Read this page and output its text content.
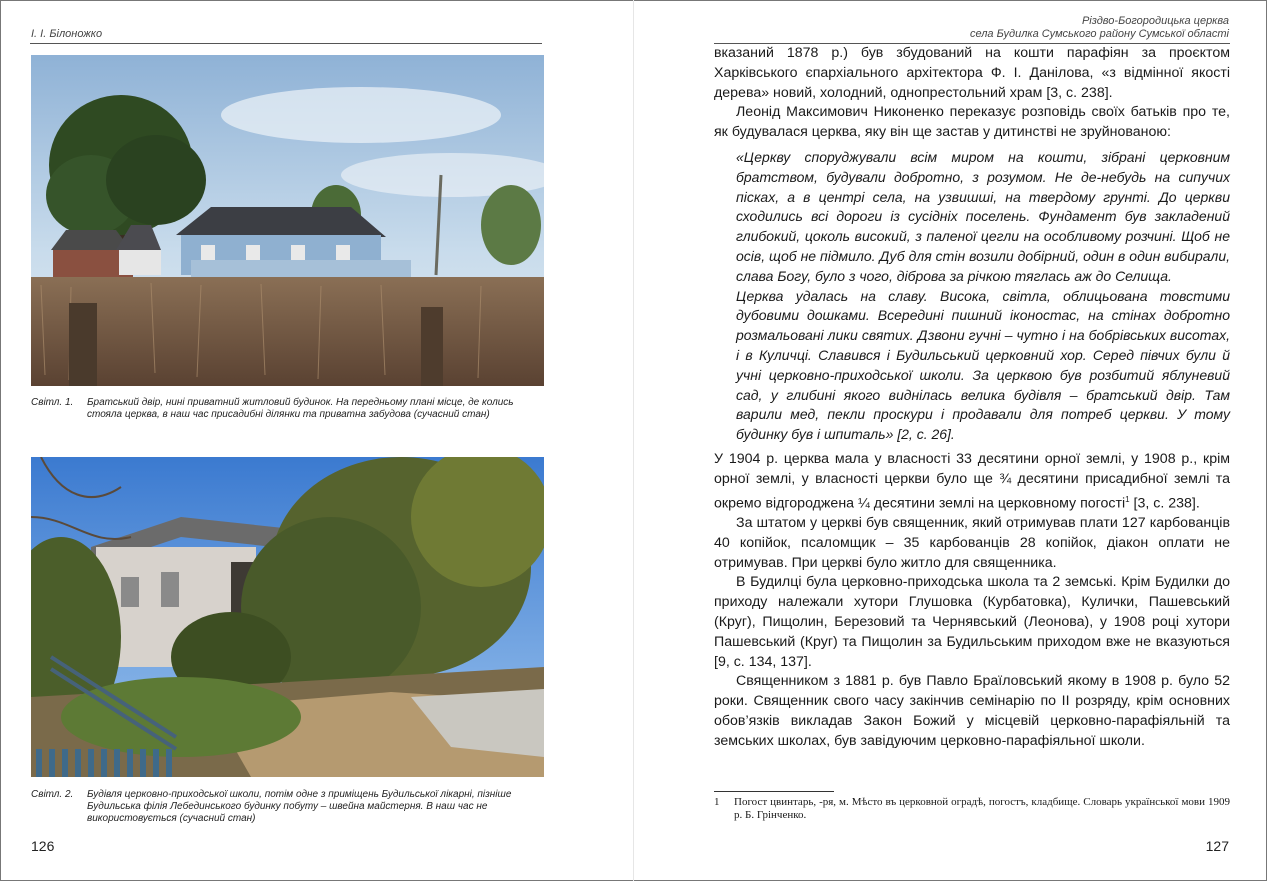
І. І. Білоножко
Світл. 1. Братський двір, нині приватний житловий будинок. На передньому плані місце, де колись стояла церква, в наш час присадибні ділянки та приватна забудова (сучасний стан)
Світл. 2. Будівля церковно-приходської школи, потім одне з приміщень Будильської лікарні, пізніше Будильська філія Лебединського будинку побуту – швейна майстерня. В наш час не використовується (сучасний стан)
126
Різдво-Богородицька церква
села Будилка Сумського району Сумської області

вказаний 1878 р.) був збудований на кошти парафіян за проєктом Харківського єпархіального архітектора Ф. І. Данілова, «з відмінної якості дерева» новий, холодний, однопрестольний храм [3, с. 238].

Леонід Максимович Никоненко переказує розповідь своїх батьків про те, як будувалася церква, яку він ще застав у дитинстві не зруйнованою:

«Церкву споруджували всім миром на кошти, зібрані церковним братством, будували добротно, з розумом. Не де-небудь на сипучих пісках, а в центрі села, на узвишші, на твердому грунті. До церкви сходились всі дороги із сусідніх поселень. Фундамент був закладений глибокий, цоколь високий, з паленої цегли на особливому розчині. Щоб не осів, щоб не підмило. Дуб для стін возили добірний, один в один вибирали, слава Богу, було з чого, діброва за річкою тяглась аж до Селища.

Церква удалась на славу. Висока, світла, облицьована товстими дубовими дошками. Всередині пишний іконостас, на стінах добротно розмальовані лики святих. Дзвони гучні – чутно і на бобрівських висотах, і в Куличці. Славився і Будильський церковний хор. Серед півчих були й учні церковно-приходської школи. За церквою був розбитий яблуневий сад, у глибині якого виднілась велика будівля – братський двір. Там варили мед, пекли проскури і продавали для потреб церкви. У тому будинку був і шпиталь» [2, с. 26].

У 1904 р. церква мала у власності 33 десятини орної землі, у 1908 р., крім орної землі, у власності церкви було ще ¾ десятини присадибної землі та окремо відгороджена ¼ десятини землі на церковному погості$^1$ [3, с. 238].

За штатом у церкві був священник, який отримував плати 127 карбованців 40 копійок, псаломщик – 35 карбованців 28 копійок, діакон оплати не отримував. При церкві було житло для священника.

В Будилці була церковно-приходська школа та 2 земські. Крім Будилки до приходу належали хутори Глушовка (Курбатовка), Кулички, Пашевський (Круг), Пищолин, Березовий та Чернявський (Леонова), у 1908 році хутори Пашевський (Круг) та Пищолин за Будильським приходом вже не вказуються [9, с. 134, 137].

Священником з 1881 р. був Павло Браїловський якому в 1908 р. було 52 роки. Священник свого часу закінчив семінарію по ІІ розряду, крім основних обов’язків викладав Закон Божий у місцевій церковно-парафіяльній та земських школах, був завідуючим церковно-парафіяльної школи.

1 Погост цвинтарь, -ря, м. Мѣсто въ церковной оградѣ, погостъ, кладбище. Словарь української мови 1909 р. Б. Грінченко.
127
